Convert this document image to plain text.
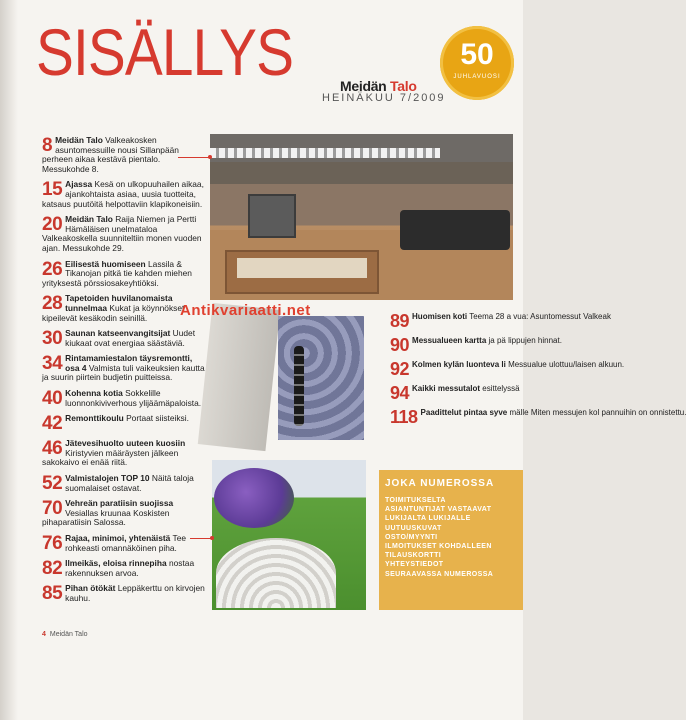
SISÄLLYS	Meidän Talo
HEINÄKUU 7/2009
50
JUHLAVUOSI
8 Meidän Talo Valkeakosken asuntomessuille nousi Sillanpään perheen aikaa kestävä pientalo. Messukohde 8.
15 Ajassa Kesä on ulkopuuhailen aikaa, ajankohtaista asiaa, uusia tuotteita, katsaus puutöitä helpottaviin klapikoneisiin.
20 Meidän Talo Raija Niemen ja Pertti Hämäläisen unelmataloa Valkeakoskella suunniteltiin monen vuoden ajan. Messukohde 29.
26 Eilisestä huomiseen Lassila & Tikanojan pitkä tie kahden miehen yrityksestä pörssiosakeyhtiöksi.
28 Tapetoiden huvilanomaista tunnelmaa Kukat ja köynnökset kipeilevät kesäkodin seinillä.
30 Saunan katseenvangitsijat Uudet kiukaat ovat energiaa säästäviä.
34 Rintamamiestalon täysremontti, osa 4 Valmista tuli vaikeuksien kautta ja suurin piirtein budjetin puitteissa.
40 Kohenna kotia Sokkelille luonnonkiviverhous ylijäämäpaloista.
42 Remonttikoulu Portaat siisteiksi.
46 Jätevesihuolto uuteen kuosiin Kiristyvien määräysten jälkeen sakokaivo ei enää riitä.
52 Valmistalojen TOP 10 Näitä taloja suomalaiset ostavat.
70 Vehreän paratiisin suojissa Vesiallas kruunaa Koskisten pihaparatiisin Salossa.
76 Rajaa, minimoi, yhtenäistä Tee rohkeasti omannäköinen piha.
82 Ilmeikäs, eloisa rinnepiha nostaa rakennuksen arvoa.
85 Pihan ötökät Leppäkerttu on kirvojen kauhu.
Antikvariaatti.net
89 Huomisen koti Teema 28 a vua: Asuntomessut Valkeak
90 Messualueen kartta ja pä lippujen hinnat.
92 Kolmen kylän luonteva li Messualue ulottuu/laisen alkuun.
94 Kaikki messutalot esittelyssä
118 Paadittelut pintaa syve mälle Miten messujen kol pannuihin on onnistettu.
JOKA NUMEROSSA
TOIMITUKSELTA
ASIANTUNTIJAT VASTAAVAT
LUKIJALTA LUKIJALLE
UUTUUSKUVAT
OSTO/MYYNTI
ILMOITUKSET KOHDALLEEN
TILAUSKORTTI
YHTEYSTIEDOT
SEURAAVASSA NUMEROSSA
4 Meidän Talo
